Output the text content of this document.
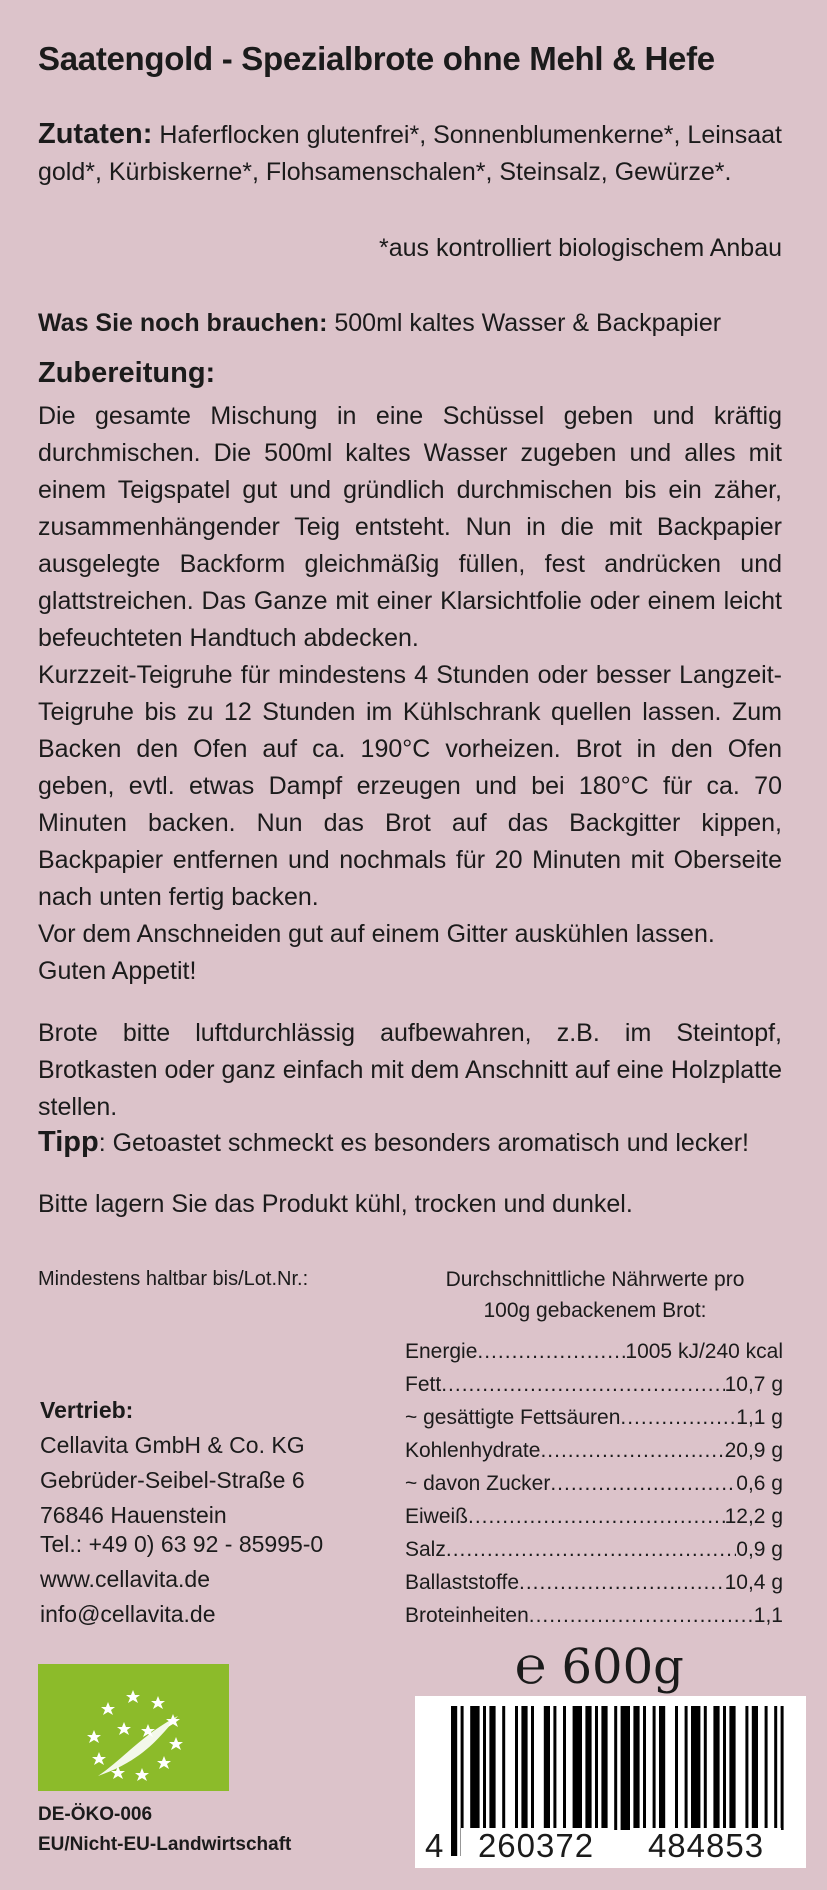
Saatengold - Spezialbrote ohne Mehl & Hefe
Zutaten: Haferflocken glutenfrei*, Sonnenblumenkerne*, Leinsaat gold*, Kürbiskerne*, Flohsamenschalen*, Steinsalz, Gewürze*.
*aus kontrolliert biologischem Anbau
Was Sie noch brauchen: 500ml kaltes Wasser & Backpapier
Zubereitung:
Die gesamte Mischung in eine Schüssel geben und kräftig durchmischen. Die 500ml kaltes Wasser zugeben und alles mit einem Teigspatel gut und gründlich durchmischen bis ein zäher, zusammenhängender Teig entsteht. Nun in die mit Backpapier ausgelegte Backform gleichmäßig füllen, fest andrücken und glattstreichen. Das Ganze mit einer Klarsichtfolie oder einem leicht befeuchteten Handtuch abdecken.
Kurzzeit-Teigruhe für mindestens 4 Stunden oder besser Langzeit-Teigruhe bis zu 12 Stunden im Kühlschrank quellen lassen. Zum Backen den Ofen auf ca. 190°C vorheizen. Brot in den Ofen geben, evtl. etwas Dampf erzeugen und bei 180°C für ca. 70 Minuten backen. Nun das Brot auf das Backgitter kippen, Backpapier entfernen und nochmals für 20 Minuten mit Oberseite nach unten fertig backen.
Vor dem Anschneiden gut auf einem Gitter auskühlen lassen.
Guten Appetit!
Brote bitte luftdurchlässig aufbewahren, z.B. im Steintopf, Brotkasten oder ganz einfach mit dem Anschnitt auf eine Holzplatte stellen.
Tipp: Getoastet schmeckt es besonders aromatisch und lecker!
Bitte lagern Sie das Produkt kühl, trocken und dunkel.
Mindestens haltbar bis/Lot.Nr.:	Durchschnittliche Nährwerte pro
100g gebackenem Brot:
Energie .....	1005 kJ/240 kcal
Fett .....	10,7 g
~ gesättigte Fettsäuren .....	1,1 g
Kohlenhydrate .....	20,9 g
~ davon Zucker .....	0,6 g
Eiweiß .....	12,2 g
Salz .....	0,9 g
Ballaststoffe .....	10,4 g
Broteinheiten .....	1,1
℮ 600g
Vertrieb:
Cellavita GmbH & Co. KG
Gebrüder-Seibel-Straße 6
76846 Hauenstein
Tel.: +49 0) 63 92 - 85995-0
www.cellavita.de
info@cellavita.de
DE-ÖKO-006
EU/Nicht-EU-Landwirtschaft	4	260372	484853
